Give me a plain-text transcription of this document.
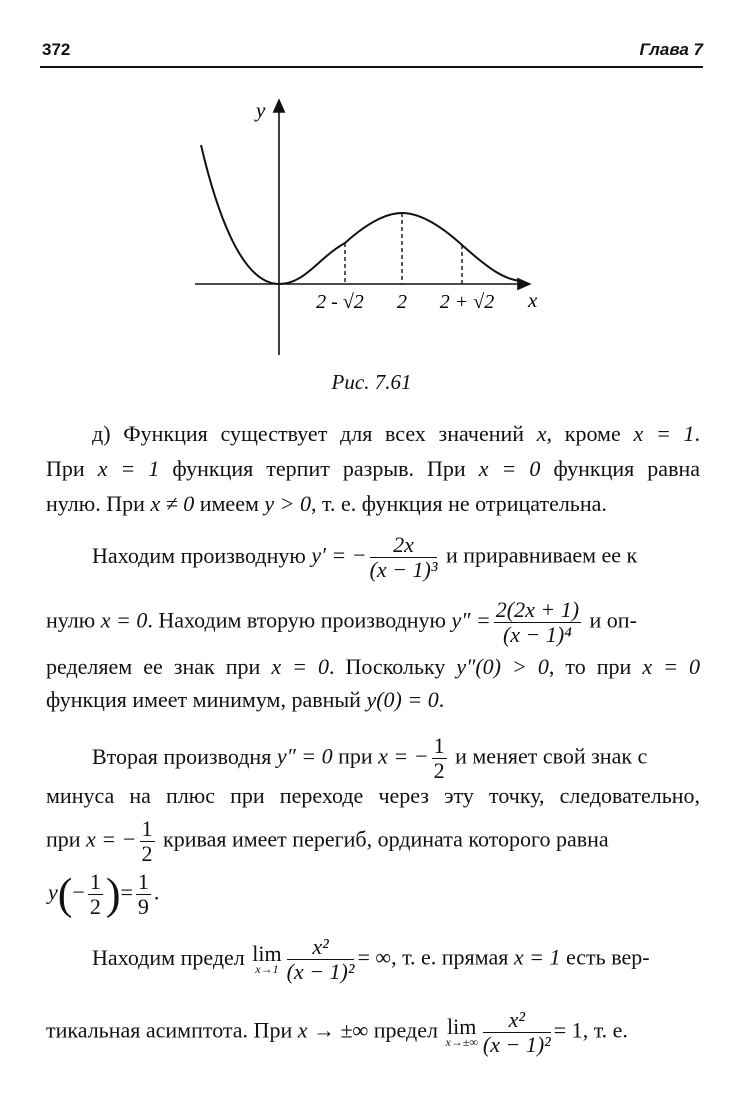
372	Глава 7
y
x
2 - √2 2 2 + √2
Рис. 7.61
д) Функция существует для всех значений x, кроме x = 1.
При x = 1 функция терпит разрыв. При x = 0 функция равна
нулю. При x ≠ 0 имеем y > 0, т. е. функция не отрицательна.
Находим производную y′ = − $\frac{2x}{\text{(x − 1)³}}$ и приравниваем ее к
нулю x = 0. Находим вторую производную $y'' = \frac{2(2x + 1)}{\text{(x − 1)⁴}}$ и оп-
ределяем ее знак при x = 0. Поскольку y″(0) > 0, то при x = 0
функция имеет минимум, равный y(0) = 0.
Вторая производня y″ = 0 при x = − $\frac{1}{2}$ и меняет свой знак с
минуса на плюс при переходе через эту точку, следовательно,
при x = − $\frac{1}{2}$ кривая имеет перегиб, ордината которого равна
$y(- \frac{1}{2}$ )= $\frac{1}{9}$ .
Находим предел lim
$x\to 1 \frac{\text{x²}}{\text{(x − 1)²}}$ = ∞, т. е. прямая x = 1 есть вер-
тикальная асимптота. При x → ±∞ предел lim
$x\to\pm\infty \frac{\text{x²}}{\text{(x − 1)²}} = 1$, т. е.
